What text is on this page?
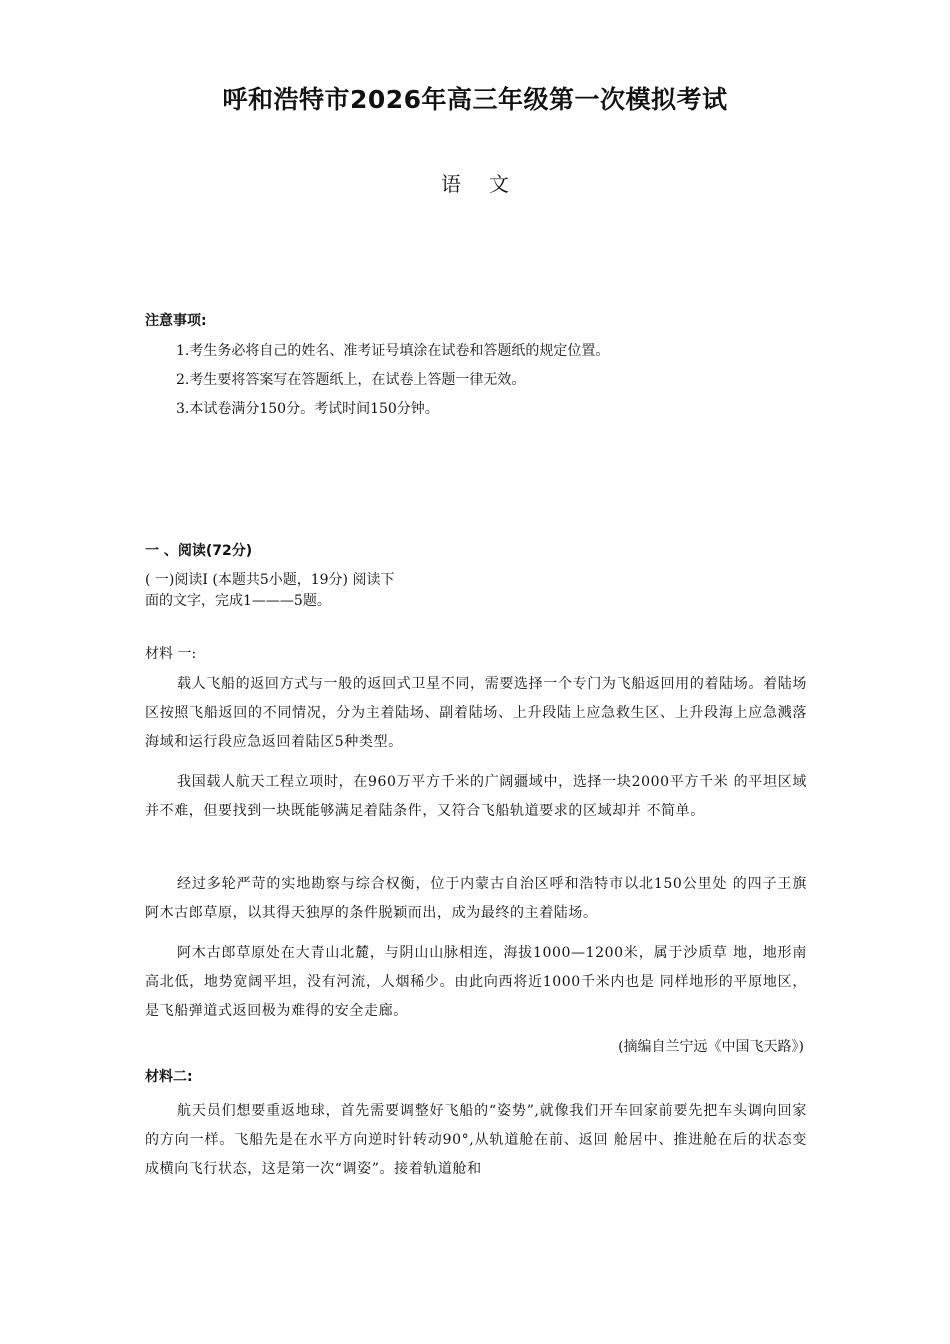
呼和浩特市2026年高三年级第一次模拟考试
语文
注意事项:
1.考生务必将自己的姓名、准考证号填涂在试卷和答题纸的规定位置。
2.考生要将答案写在答题纸上，在试卷上答题一律无效。
3.本试卷满分150分。考试时间150分钟。
一 、阅读(72分)
( 一)阅读Ⅰ (本题共5小题，19分) 阅读下面的文字，完成1———5题。
材料 一:
载人飞船的返回方式与一般的返回式卫星不同，需要选择一个专门为飞船返回用的着陆场。着陆场区按照飞船返回的不同情况，分为主着陆场、副着陆场、上升段陆上应急救生区、上升段海上应急溅落海域和运行段应急返回着陆区5种类型。
我国载人航天工程立项时，在960万平方千米的广阔疆域中，选择一块2000平方千米 的平坦区域并不难，但要找到一块既能够满足着陆条件，又符合飞船轨道要求的区域却并 不简单。
经过多轮严苛的实地勘察与综合权衡，位于内蒙古自治区呼和浩特市以北150公里处 的四子王旗阿木古郎草原，以其得天独厚的条件脱颖而出，成为最终的主着陆场。
阿木古郎草原处在大青山北麓，与阴山山脉相连，海拔1000—1200米，属于沙质草 地，地形南高北低，地势宽阔平坦，没有河流，人烟稀少。由此向西将近1000千米内也是 同样地形的平原地区，是飞船弹道式返回极为难得的安全走廊。
(摘编自兰宁远《中国飞天路》)
材料二:
航天员们想要重返地球，首先需要调整好飞船的“姿势”,就像我们开车回家前要先把车头调向回家的方向一样。飞船先是在水平方向逆时针转动90°,从轨道舱在前、返回 舱居中、推进舱在后的状态变成横向飞行状态，这是第一次“调姿”。接着轨道舱和
